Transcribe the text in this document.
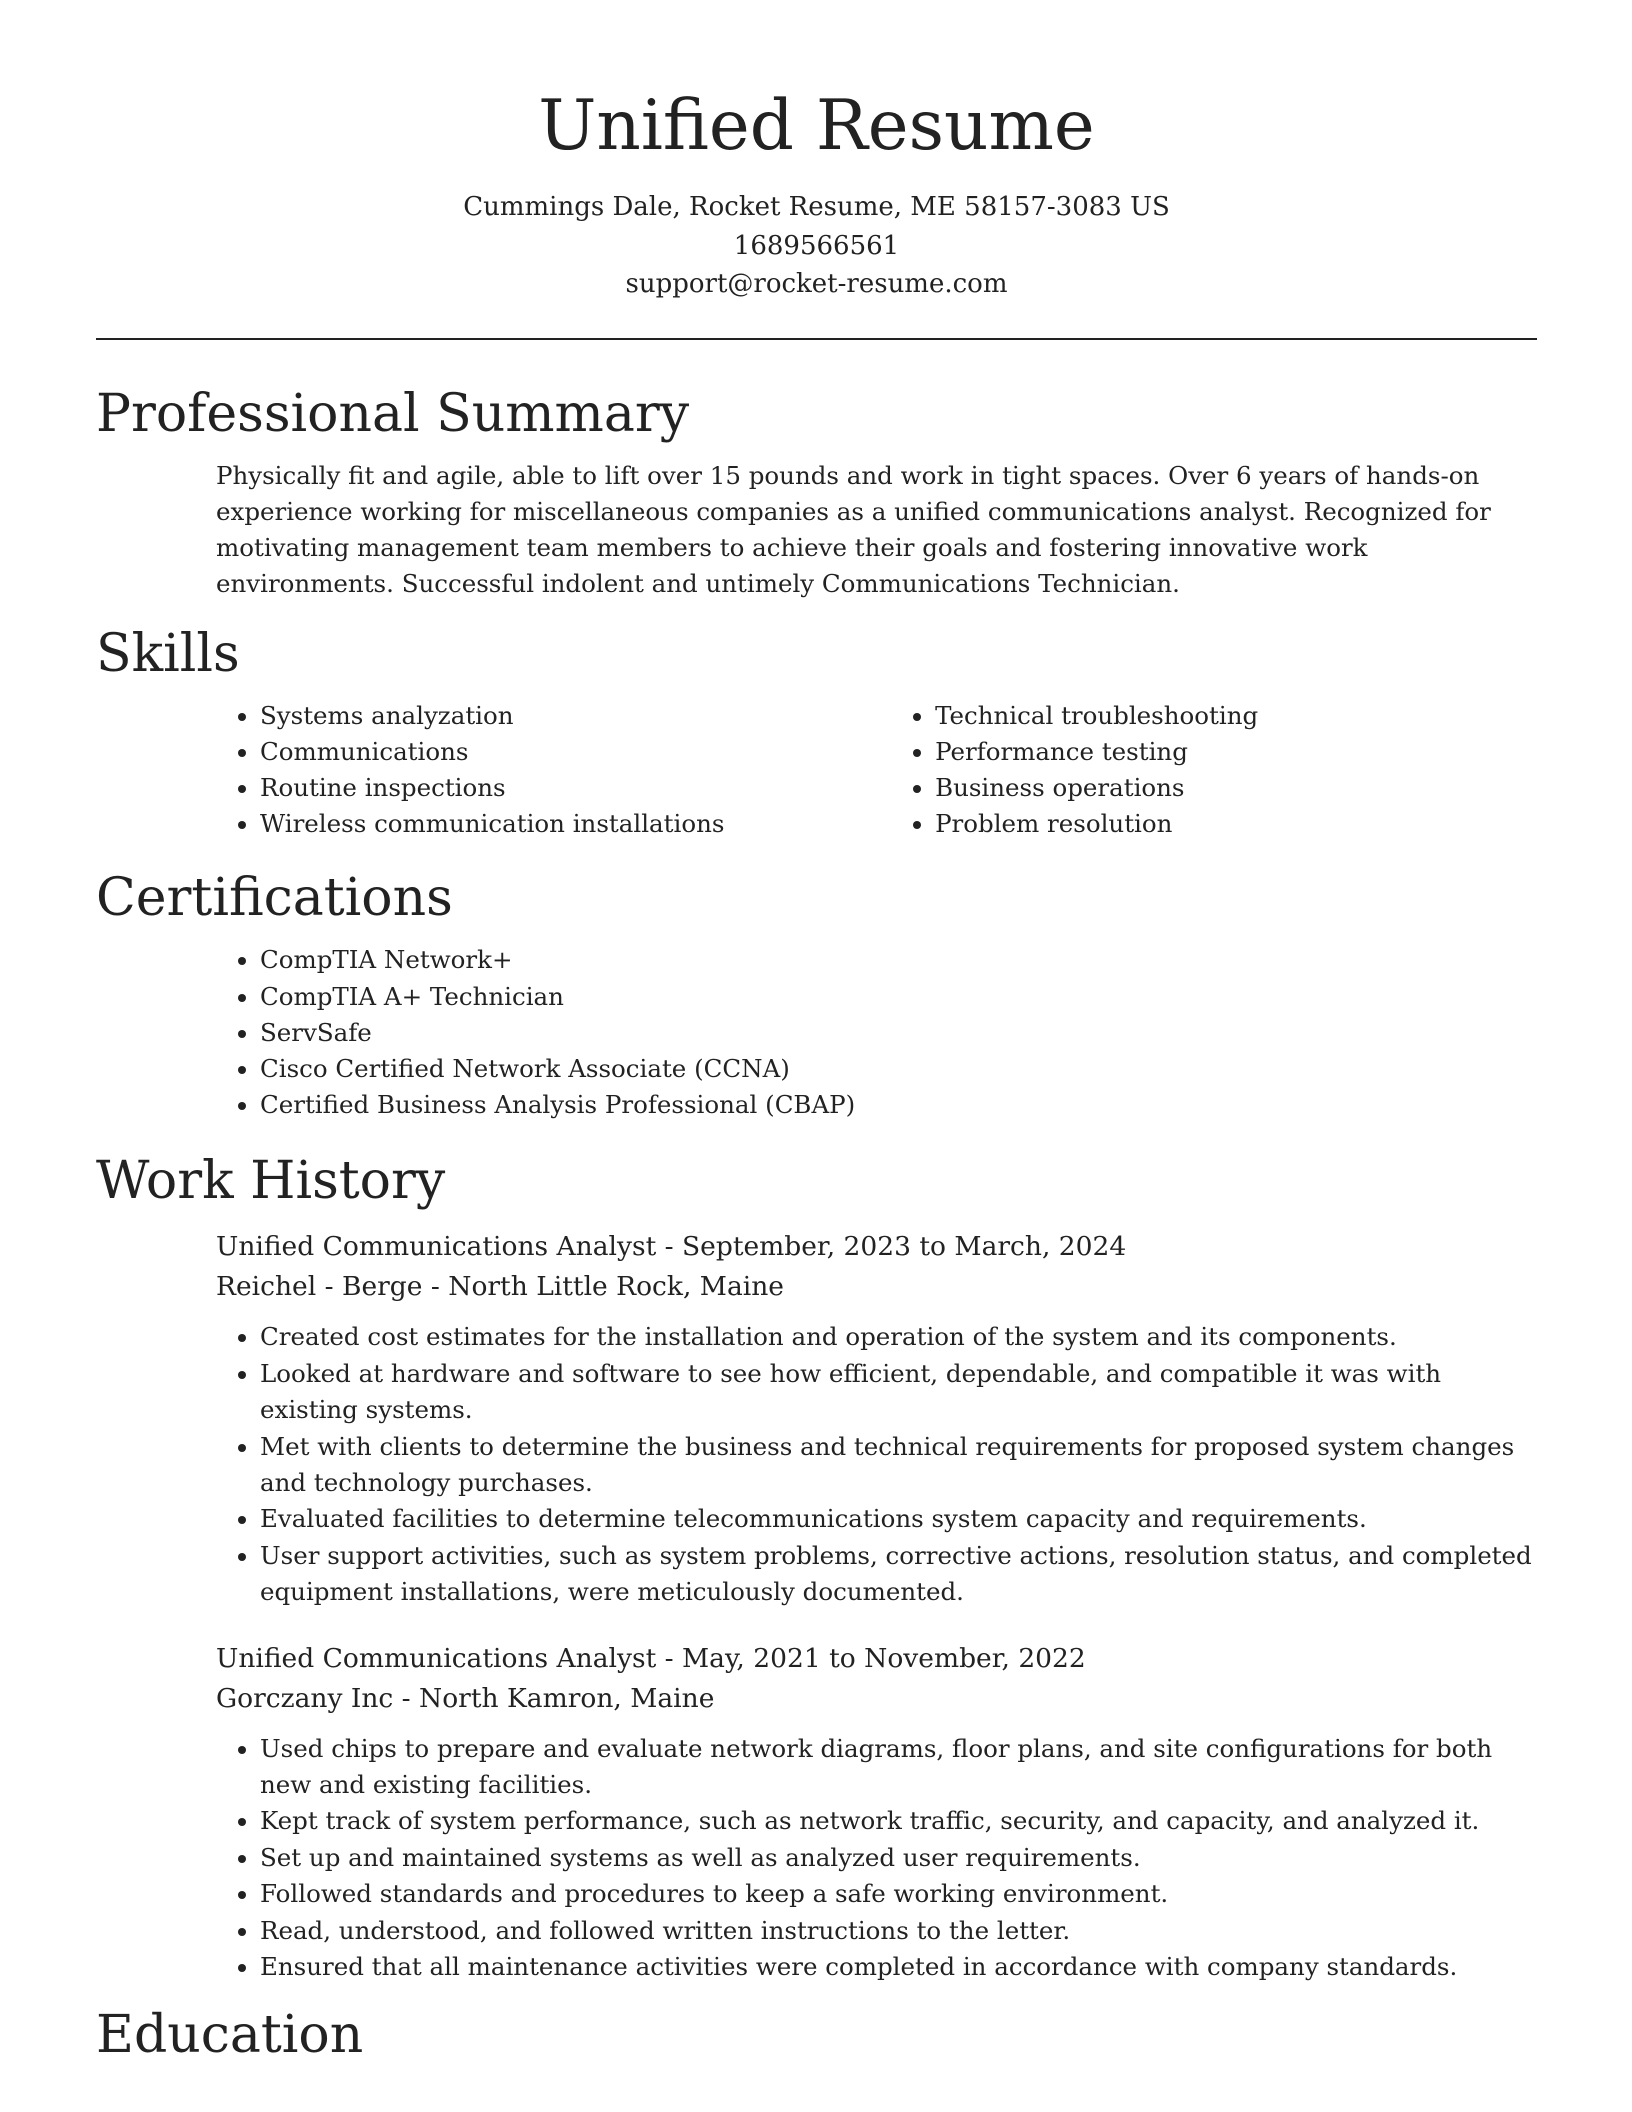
Unified Resume
Cummings Dale, Rocket Resume, ME 58157-3083 US
1689566561
support@rocket-resume.com
Professional Summary

Physically fit and agile, able to lift over 15 pounds and work in tight spaces. Over 6 years of hands-on experience working for miscellaneous companies as a unified communications analyst. Recognized for motivating management team members to achieve their goals and fostering innovative work environments. Successful indolent and untimely Communications Technician.

Skills
• Systems analyzation
• Communications
• Routine inspections
• Wireless communication installations
• Technical troubleshooting
• Performance testing
• Business operations
• Problem resolution
Certifications
• CompTIA Network+
• CompTIA A+ Technician
• ServSafe
• Cisco Certified Network Associate (CCNA)
• Certified Business Analysis Professional (CBAP)
Work History

Unified Communications Analyst - September, 2023 to March, 2024

Reichel - Berge - North Little Rock, Maine

• Created cost estimates for the installation and operation of the system and its components.
• Looked at hardware and software to see how efficient, dependable, and compatible it was with existing systems.
• Met with clients to determine the business and technical requirements for proposed system changes and technology purchases.
• Evaluated facilities to determine telecommunications system capacity and requirements.
• User support activities, such as system problems, corrective actions, resolution status, and completed equipment installations, were meticulously documented.

Unified Communications Analyst - May, 2021 to November, 2022

Gorczany Inc - North Kamron, Maine

• Used chips to prepare and evaluate network diagrams, floor plans, and site configurations for both new and existing facilities.
• Kept track of system performance, such as network traffic, security, and capacity, and analyzed it.
• Set up and maintained systems as well as analyzed user requirements.
• Followed standards and procedures to keep a safe working environment.
• Read, understood, and followed written instructions to the letter.
• Ensured that all maintenance activities were completed in accordance with company standards.
Education
